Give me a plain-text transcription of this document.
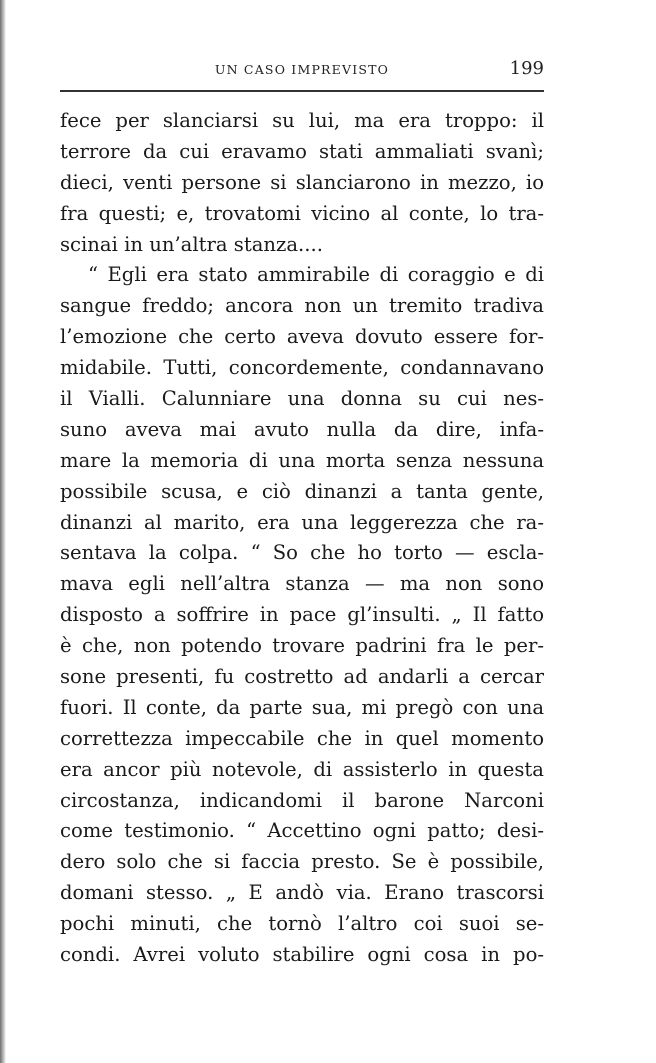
UN CASO IMPREVISTO	199
fece per slanciarsi su lui, ma era troppo: il
terrore da cui eravamo stati ammaliati svanì;
dieci, venti persone si slanciarono in mezzo, io
fra questi; e, trovatomi vicino al conte, lo tra-
scinai in un’altra stanza....
“ Egli era stato ammirabile di coraggio e di
sangue freddo; ancora non un tremito tradiva
l’emozione che certo aveva dovuto essere for-
midabile. Tutti, concordemente, condannavano
il Vialli. Calunniare una donna su cui nes-
suno aveva mai avuto nulla da dire, infa-
mare la memoria di una morta senza nessuna
possibile scusa, e ciò dinanzi a tanta gente,
dinanzi al marito, era una leggerezza che ra-
sentava la colpa. “ So che ho torto — escla-
mava egli nell’altra stanza — ma non sono
disposto a soffrire in pace gl’insulti. „ Il fatto
è che, non potendo trovare padrini fra le per-
sone presenti, fu costretto ad andarli a cercar
fuori. Il conte, da parte sua, mi pregò con una
correttezza impeccabile che in quel momento
era ancor più notevole, di assisterlo in questa
circostanza, indicandomi il barone Narconi
come testimonio. “ Accettino ogni patto; desi-
dero solo che si faccia presto. Se è possibile,
domani stesso. „ E andò via. Erano trascorsi
pochi minuti, che tornò l’altro coi suoi se-
condi. Avrei voluto stabilire ogni cosa in po-
